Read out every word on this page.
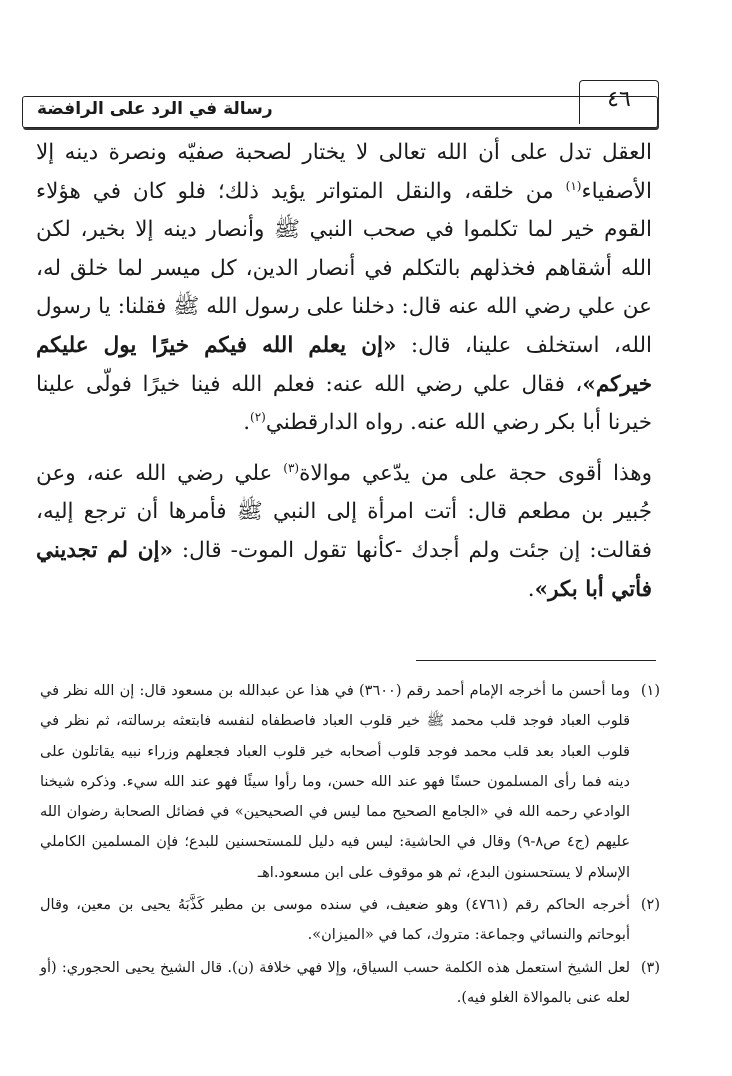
٤٦
رسالة في الرد على الرافضة

العقل تدل على أن الله تعالى لا يختار لصحبة صفيّه ونصرة دينه إلا الأصفياء$^{(١)}$ من خلقه، والنقل المتواتر يؤيد ذلك؛ فلو كان في هؤلاء القوم خير لما تكلموا في صحب النبي ﷺ وأنصار دينه إلا بخير، لكن الله أشقاهم فخذلهم بالتكلم في أنصار الدين، كل ميسر لما خلق له، عن علي رضي الله عنه قال: دخلنا على رسول الله ﷺ فقلنا: يا رسول الله، استخلف علينا، قال: «إن يعلم الله فيكم خيرًا يول عليكم خيركم»، فقال علي رضي الله عنه: فعلم الله فينا خيرًا فولّى علينا خيرنا أبا بكر رضي الله عنه. رواه الدارقطني$^{(٢)}$.

وهذا أقوى حجة على من يدّعي موالاة$^{(٣)}$ علي رضي الله عنه، وعن جُبير بن مطعم قال: أتت امرأة إلى النبي ﷺ فأمرها أن ترجع إليه، فقالت: إن جئت ولم أجدك -كأنها تقول الموت- قال: «إن لم تجديني فأتي أبا بكر».

(١)
وما أحسن ما أخرجه الإمام أحمد رقم (٣٦٠٠) في هذا عن عبدالله بن مسعود قال: إن الله نظر في قلوب العباد فوجد قلب محمد ﷺ خير قلوب العباد فاصطفاه لنفسه فابتعثه برسالته، ثم نظر في قلوب العباد بعد قلب محمد فوجد قلوب أصحابه خير قلوب العباد فجعلهم وزراء نبيه يقاتلون على دينه فما رأى المسلمون حسنًا فهو عند الله حسن، وما رأوا سيئًا فهو عند الله سيء. وذكره شيخنا الوادعي رحمه الله في «الجامع الصحيح مما ليس في الصحيحين» في فضائل الصحابة رضوان الله عليهم (ج٤ ص٨-٩) وقال في الحاشية: ليس فيه دليل للمستحسنين للبدع؛ فإن المسلمين الكاملي الإسلام لا يستحسنون البدع، ثم هو موقوف على ابن مسعود.اهـ
(٢)
أخرجه الحاكم رقم (٤٧٦١) وهو ضعيف، في سنده موسى بن مطير كَذَّبَهُ يحيى بن معين، وقال أبوحاتم والنسائي وجماعة: متروك، كما في «الميزان».
(٣)
لعل الشيخ استعمل هذه الكلمة حسب السياق، وإلا فهي خلافة (ن). قال الشيخ يحيى الحجوري: (أو لعله عنى بالموالاة الغلو فيه).
